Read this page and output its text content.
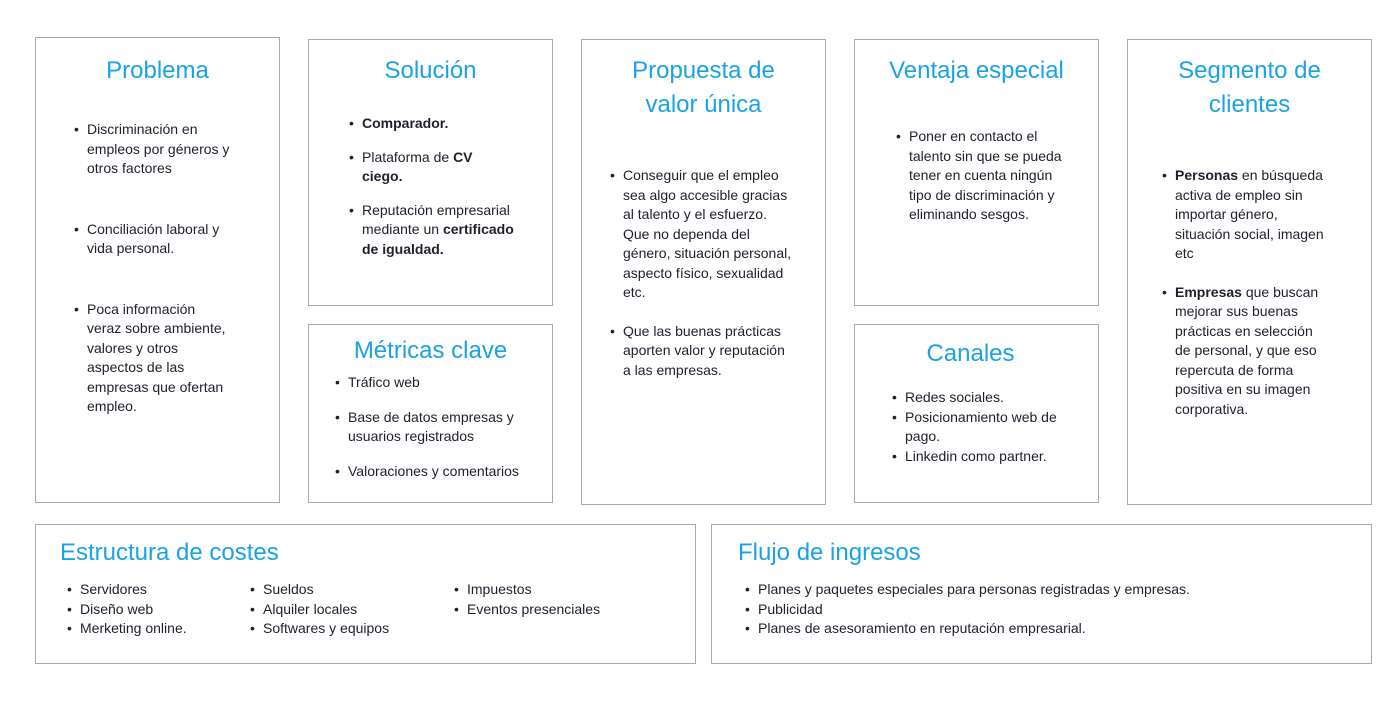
Problema
• Discriminación en empleos por géneros y otros factores
• Conciliación laboral y vida personal.
• Poca información veraz sobre ambiente, valores y otros aspectos de las empresas que ofertan empleo.
Solución
• Comparador.
• Plataforma de CV ciego.
• Reputación empresarial mediante un certificado de igualdad.
Métricas clave
• Tráfico web
• Base de datos empresas y usuarios registrados
• Valoraciones y comentarios
Propuesta de valor única
• Conseguir que el empleo sea algo accesible gracias al talento y el esfuerzo. Que no dependa del género, situación personal, aspecto físico, sexualidad etc.
• Que las buenas prácticas aporten valor y reputación a las empresas.
Ventaja especial
• Poner en contacto el talento sin que se pueda tener en cuenta ningún tipo de discriminación y eliminando sesgos.
Canales
• Redes sociales.
• Posicionamiento web de pago.
• Linkedin como partner.
Segmento de clientes
• Personas en búsqueda activa de empleo sin importar género, situación social, imagen etc
• Empresas que buscan mejorar sus buenas prácticas en selección de personal, y que eso repercuta de forma positiva en su imagen corporativa.
Estructura de costes
• Servidores
• Diseño web
• Merketing online.
• Sueldos
• Alquiler locales
• Softwares y equipos
• Impuestos
• Eventos presenciales
Flujo de ingresos
• Planes y paquetes especiales para personas registradas y empresas.
• Publicidad
• Planes de asesoramiento en reputación empresarial.
